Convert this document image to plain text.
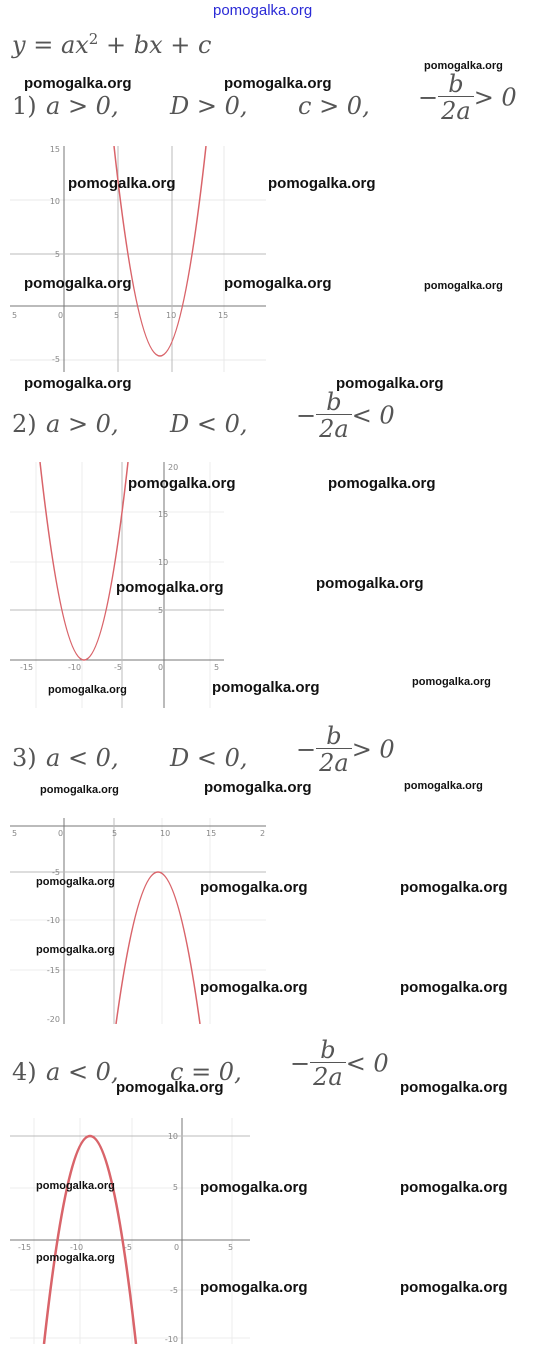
pomogalka.org
$y = ax^2$ + bx + c
1) a > 0, D > 0, c > 0, − $\frac{b}{2a} > 0$
2) a > 0, D < 0, − $\frac{b}{2a} < 0$
3) a < 0, D < 0, − $\frac{b}{2a} > 0$
4) a < 0, c = 0, − $\frac{b}{2a} < 0$
15
10
5
-5
5	0	5	10	15
20
15
10
5
-15	-10	-5	0	5
5	0	5	10	15	2
-5
-10
-15
-20
10
5
-5
-10
-15	-10	-5	0	5
pomogalka.org	pomogalka.org
pomogalka.org
pomogalka.org	pomogalka.org
pomogalka.org	pomogalka.org	pomogalka.org
pomogalka.org	pomogalka.org
pomogalka.org	pomogalka.org
pomogalka.org	pomogalka.org
pomogalka.org	pomogalka.org	pomogalka.org
pomogalka.org	pomogalka.org	pomogalka.org
pomogalka.org	pomogalka.org	pomogalka.org
pomogalka.org
pomogalka.org	pomogalka.org
pomogalka.org	pomogalka.org
pomogalka.org	pomogalka.org	pomogalka.org
pomogalka.org
pomogalka.org	pomogalka.org
